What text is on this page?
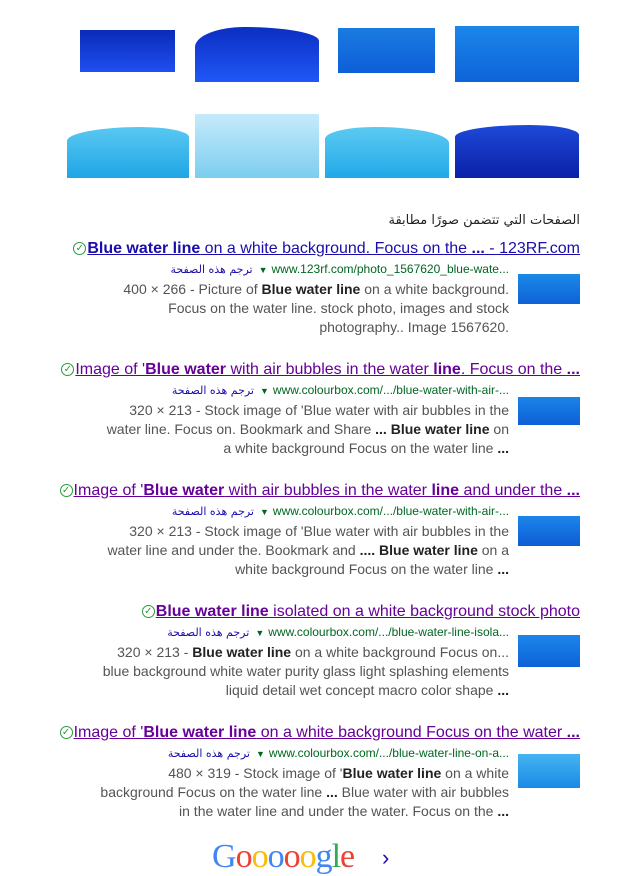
الصفحات التي تتضمن صورًا مطابقة
✓ Blue water line on a white background. Focus on the ... - 123RF.com
ترجم هذه الصفحة ▼ www.123rf.com/photo_1567620_blue-wate...
400 × 266 - Picture of Blue water line on a white background.
Focus on the water line. stock photo, images and stock
photography.. Image 1567620.
✓ Image of 'Blue water with air bubbles in the water line. Focus on the ...
ترجم هذه الصفحة ▼ www.colourbox.com/.../blue-water-with-air-...
320 × 213 - Stock image of 'Blue water with air bubbles in the
water line. Focus on. Bookmark and Share ... Blue water line on
a white background Focus on the water line ...
✓ Image of 'Blue water with air bubbles in the water line and under the ...
ترجم هذه الصفحة ▼ www.colourbox.com/.../blue-water-with-air-...
320 × 213 - Stock image of 'Blue water with air bubbles in the
water line and under the. Bookmark and .... Blue water line on a
white background Focus on the water line ...
✓ Blue water line isolated on a white background stock photo
ترجم هذه الصفحة ▼ www.colourbox.com/.../blue-water-line-isola...
320 × 213 - Blue water line on a white background Focus on...
blue background white water purity glass light splashing elements
liquid detail wet concept macro color shape ...
✓ Image of 'Blue water line on a white background Focus on the water ...
ترجم هذه الصفحة ▼ www.colourbox.com/.../blue-water-line-on-a...
480 × 319 - Stock image of 'Blue water line on a white
background Focus on the water line ... Blue water with air bubbles
in the water line and under the water. Focus on the ...
Gooooogle ›
